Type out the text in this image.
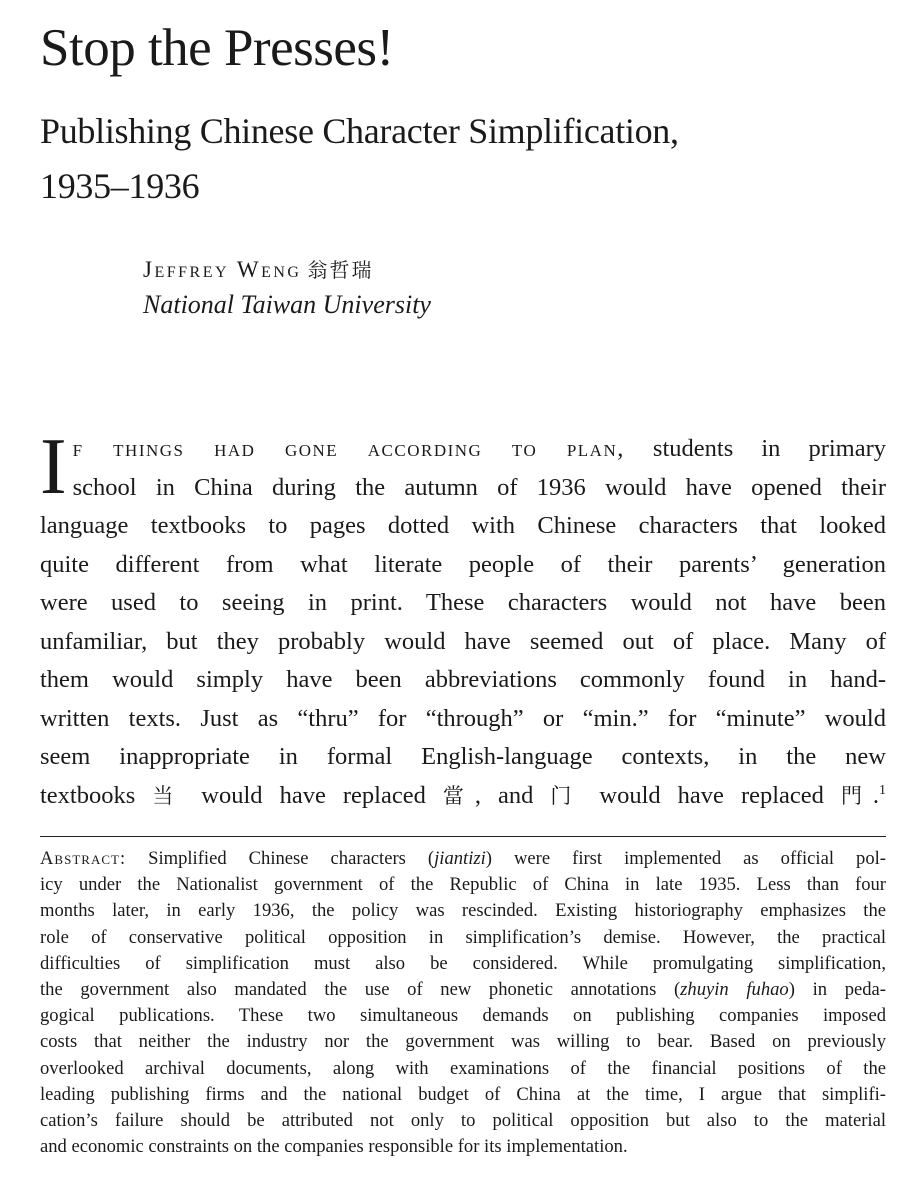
Stop the Presses!
Publishing Chinese Character Simplification,
1935–1936
Jeffrey Weng 翁哲瑞
National Taiwan University
I f things had gone according to plan, students in primary
school in China during the autumn of 1936 would have opened their
language textbooks to pages dotted with Chinese characters that looked
quite different from what literate people of their parents’ generation
were used to seeing in print. These characters would not have been
unfamiliar, but they probably would have seemed out of place. Many of
them would simply have been abbreviations commonly found in hand-
written texts. Just as “thru” for “through” or “min.” for “minute” would
seem inappropriate in formal English-language contexts, in the new
textbooks 当 would have replaced 當, and 门 would have replaced 門.$^1$
Abstract: Simplified Chinese characters (jiantizi) were first implemented as official pol-
icy under the Nationalist government of the Republic of China in late 1935. Less than four
months later, in early 1936, the policy was rescinded. Existing historiography emphasizes the
role of conservative political opposition in simplification’s demise. However, the practical
difficulties of simplification must also be considered. While promulgating simplification,
the government also mandated the use of new phonetic annotations (zhuyin fuhao) in peda-
gogical publications. These two simultaneous demands on publishing companies imposed
costs that neither the industry nor the government was willing to bear. Based on previously
overlooked archival documents, along with examinations of the financial positions of the
leading publishing firms and the national budget of China at the time, I argue that simplifi-
cation’s failure should be attributed not only to political opposition but also to the material
and economic constraints on the companies responsible for its implementation.
